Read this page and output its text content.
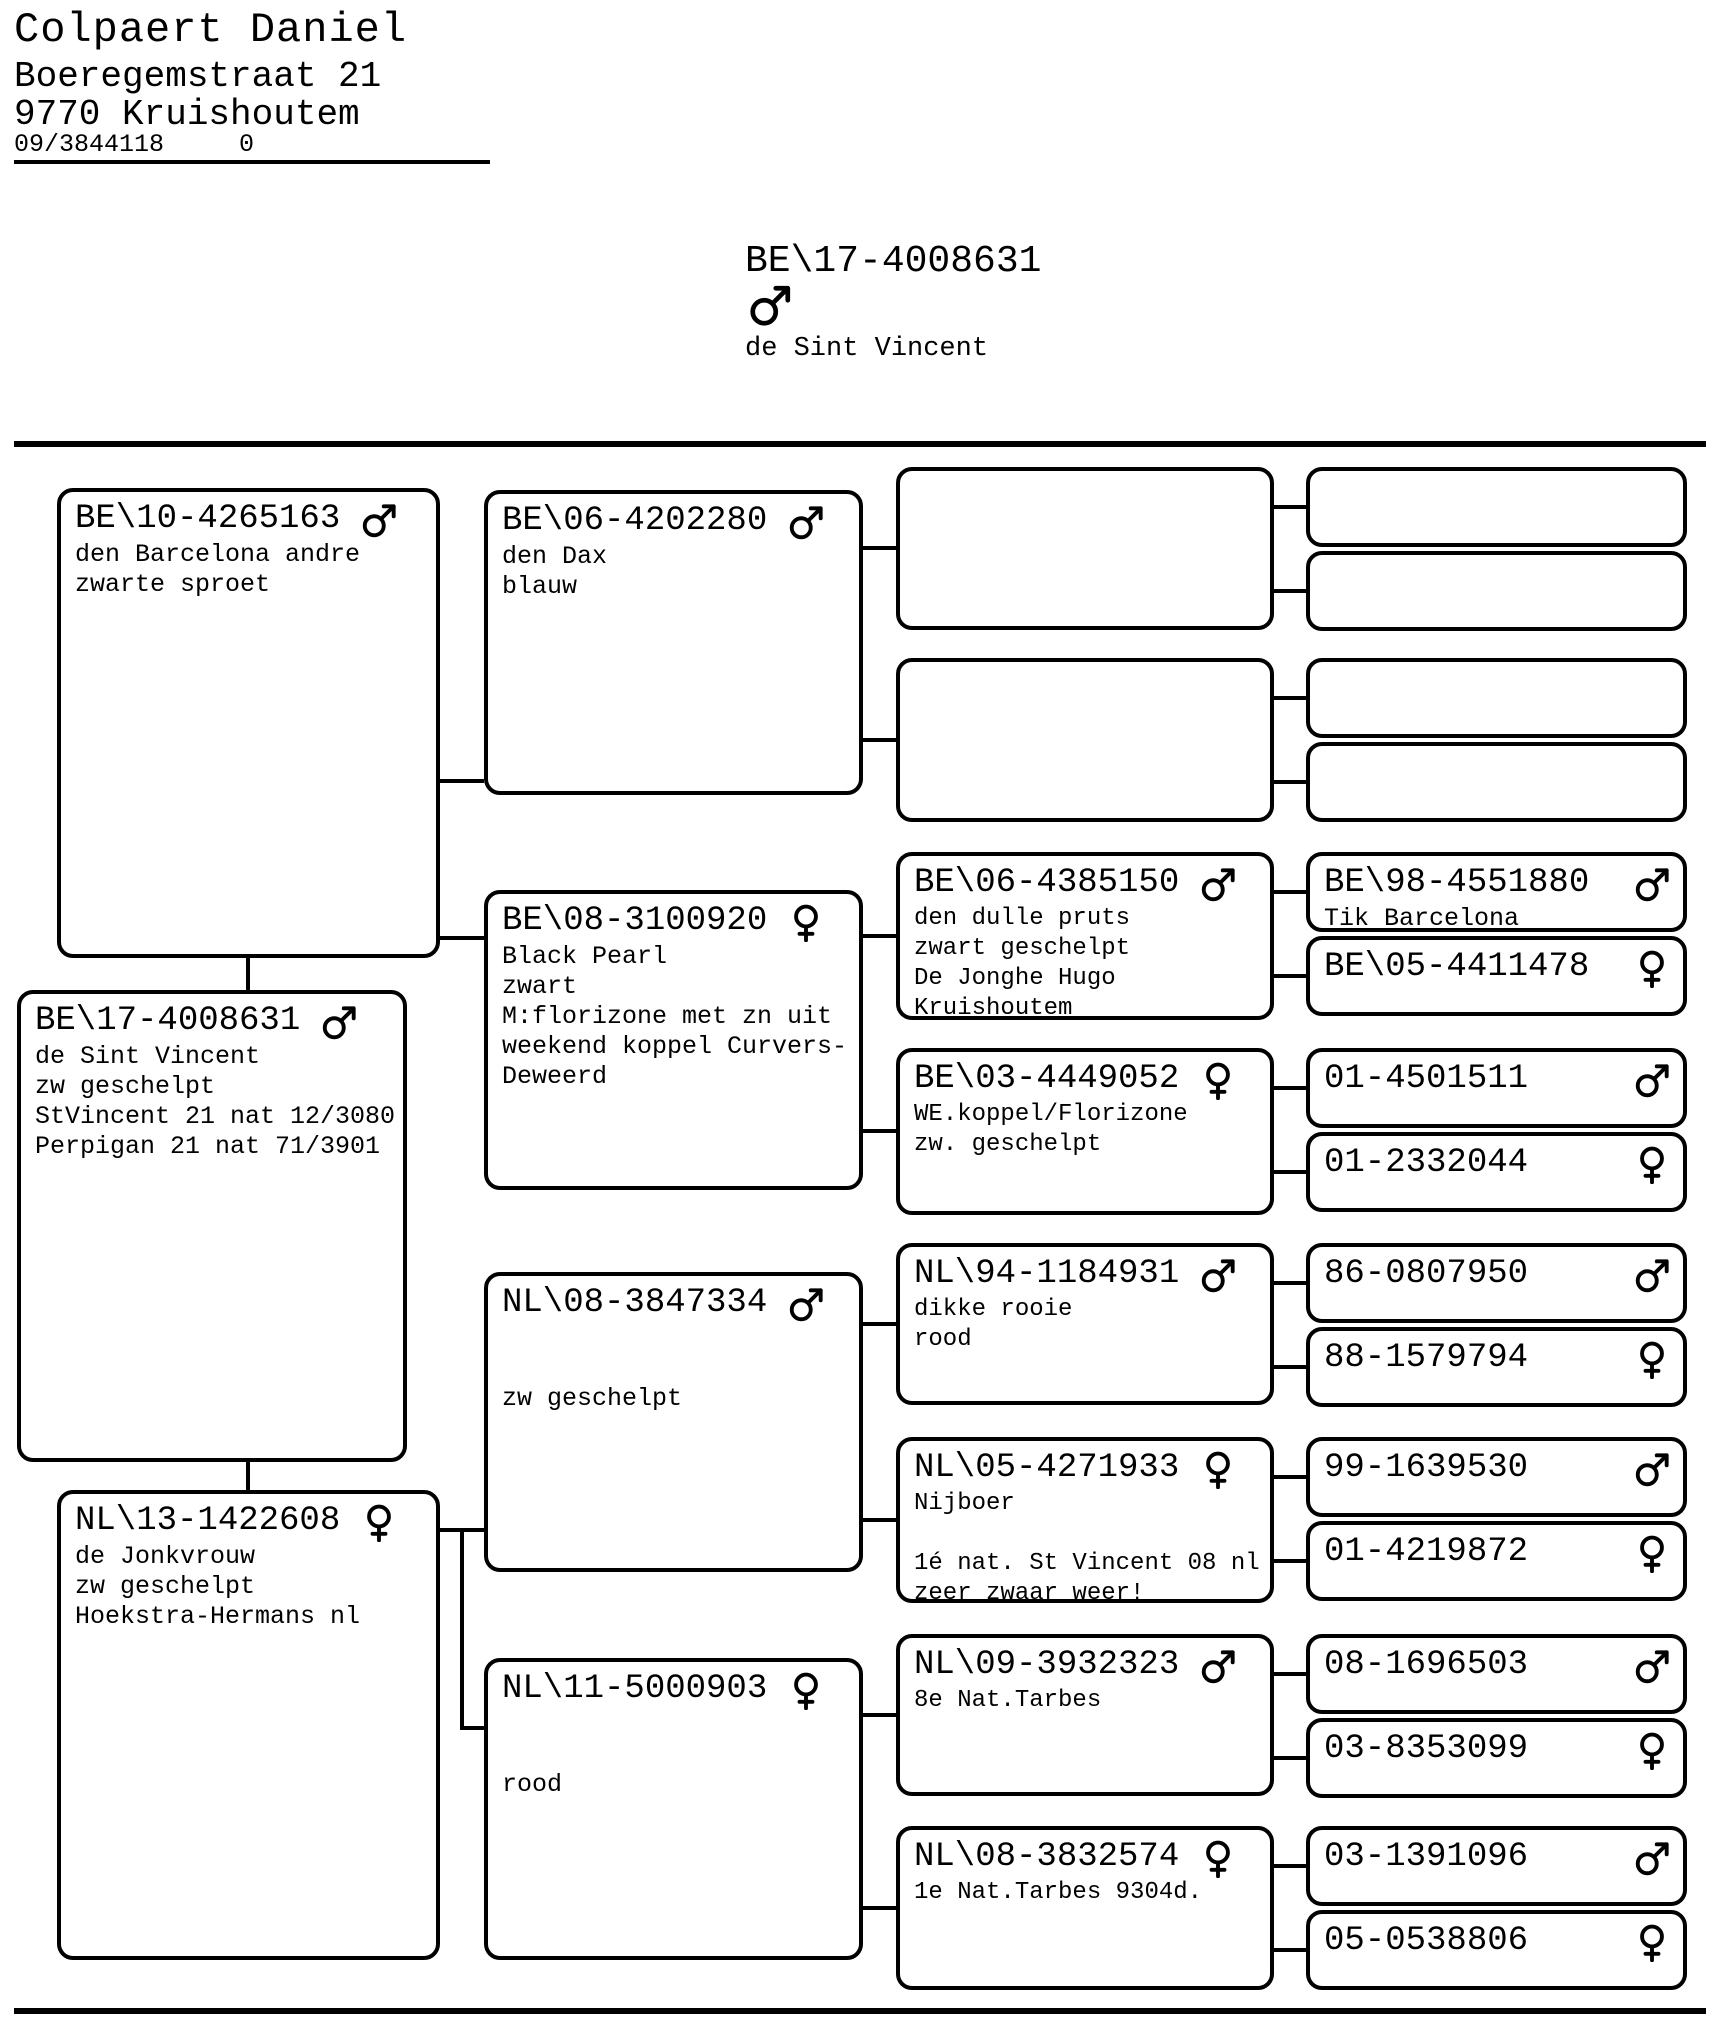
Colpaert Daniel
Boeregemstraat 21
9770 Kruishoutem
09/3844118     0
BE\17-4008631
de Sint Vincent
BE\10-4265163
den Barcelona andre
zwarte sproet
BE\17-4008631
de Sint Vincent
zw geschelpt
StVincent 21 nat 12/3080
Perpigan 21 nat 71/3901
NL\13-1422608
de Jonkvrouw
zw geschelpt
Hoekstra-Hermans nl
BE\06-4202280
den Dax
blauw
BE\08-3100920
Black Pearl
zwart
M:florizone met zn uit
weekend koppel Curvers-
Deweerd
NL\08-3847334
zw geschelpt
NL\11-5000903
rood
BE\06-4385150
den dulle pruts
zwart geschelpt
De Jonghe Hugo
Kruishoutem
BE\03-4449052
WE.koppel/Florizone
zw. geschelpt
NL\94-1184931
dikke rooie
rood
NL\05-4271933
Nijboer
1é nat. St Vincent 08 nl
zeer zwaar weer!
NL\09-3932323
8e Nat.Tarbes
NL\08-3832574
1e Nat.Tarbes 9304d.
BE\98-4551880
Tik Barcelona
BE\05-4411478
01-4501511
01-2332044
86-0807950
88-1579794
99-1639530
01-4219872
08-1696503
03-8353099
03-1391096
05-0538806
